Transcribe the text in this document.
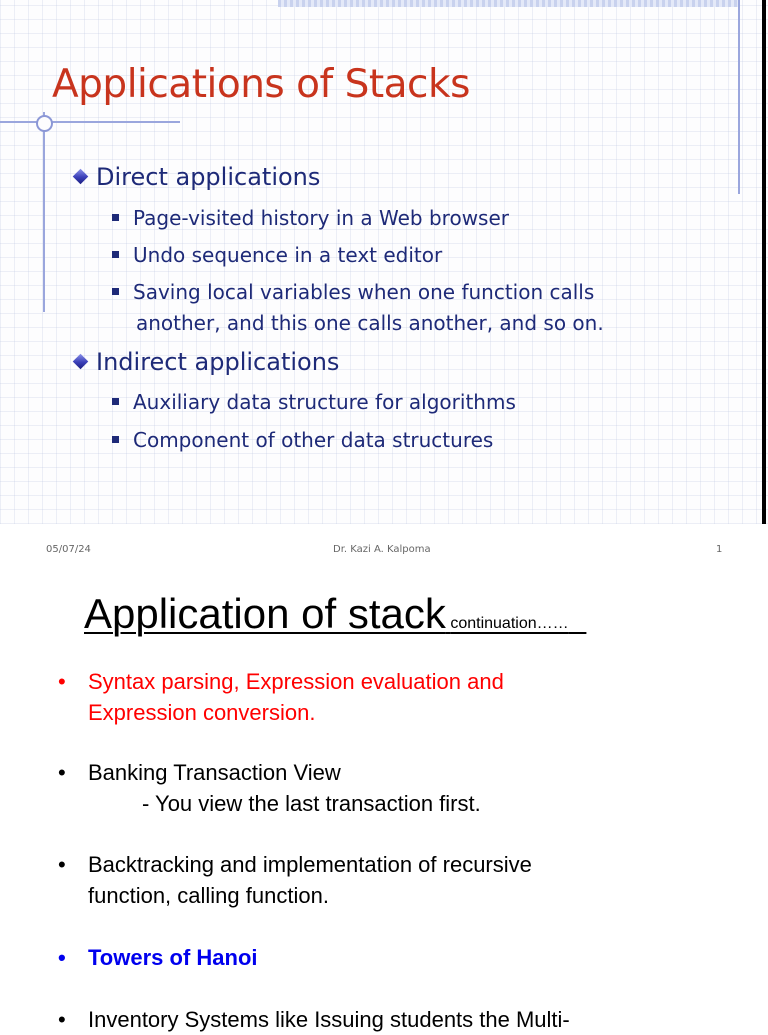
Applications of Stacks
Direct applications
Page-visited history in a Web browser
Undo sequence in a text editor
Saving local variables when one function calls
another, and this one calls another, and so on.
Indirect applications
Auxiliary data structure for algorithms
Component of other data structures
05/07/24	Dr. Kazi A. Kalpoma	1
Application of stack continuation……
• Syntax parsing, Expression evaluation and
Expression conversion.
• Banking Transaction View
- You view the last transaction first.
• Backtracking and implementation of recursive
function, calling function.
• Towers of Hanoi
• Inventory Systems like Issuing students the Multi-
